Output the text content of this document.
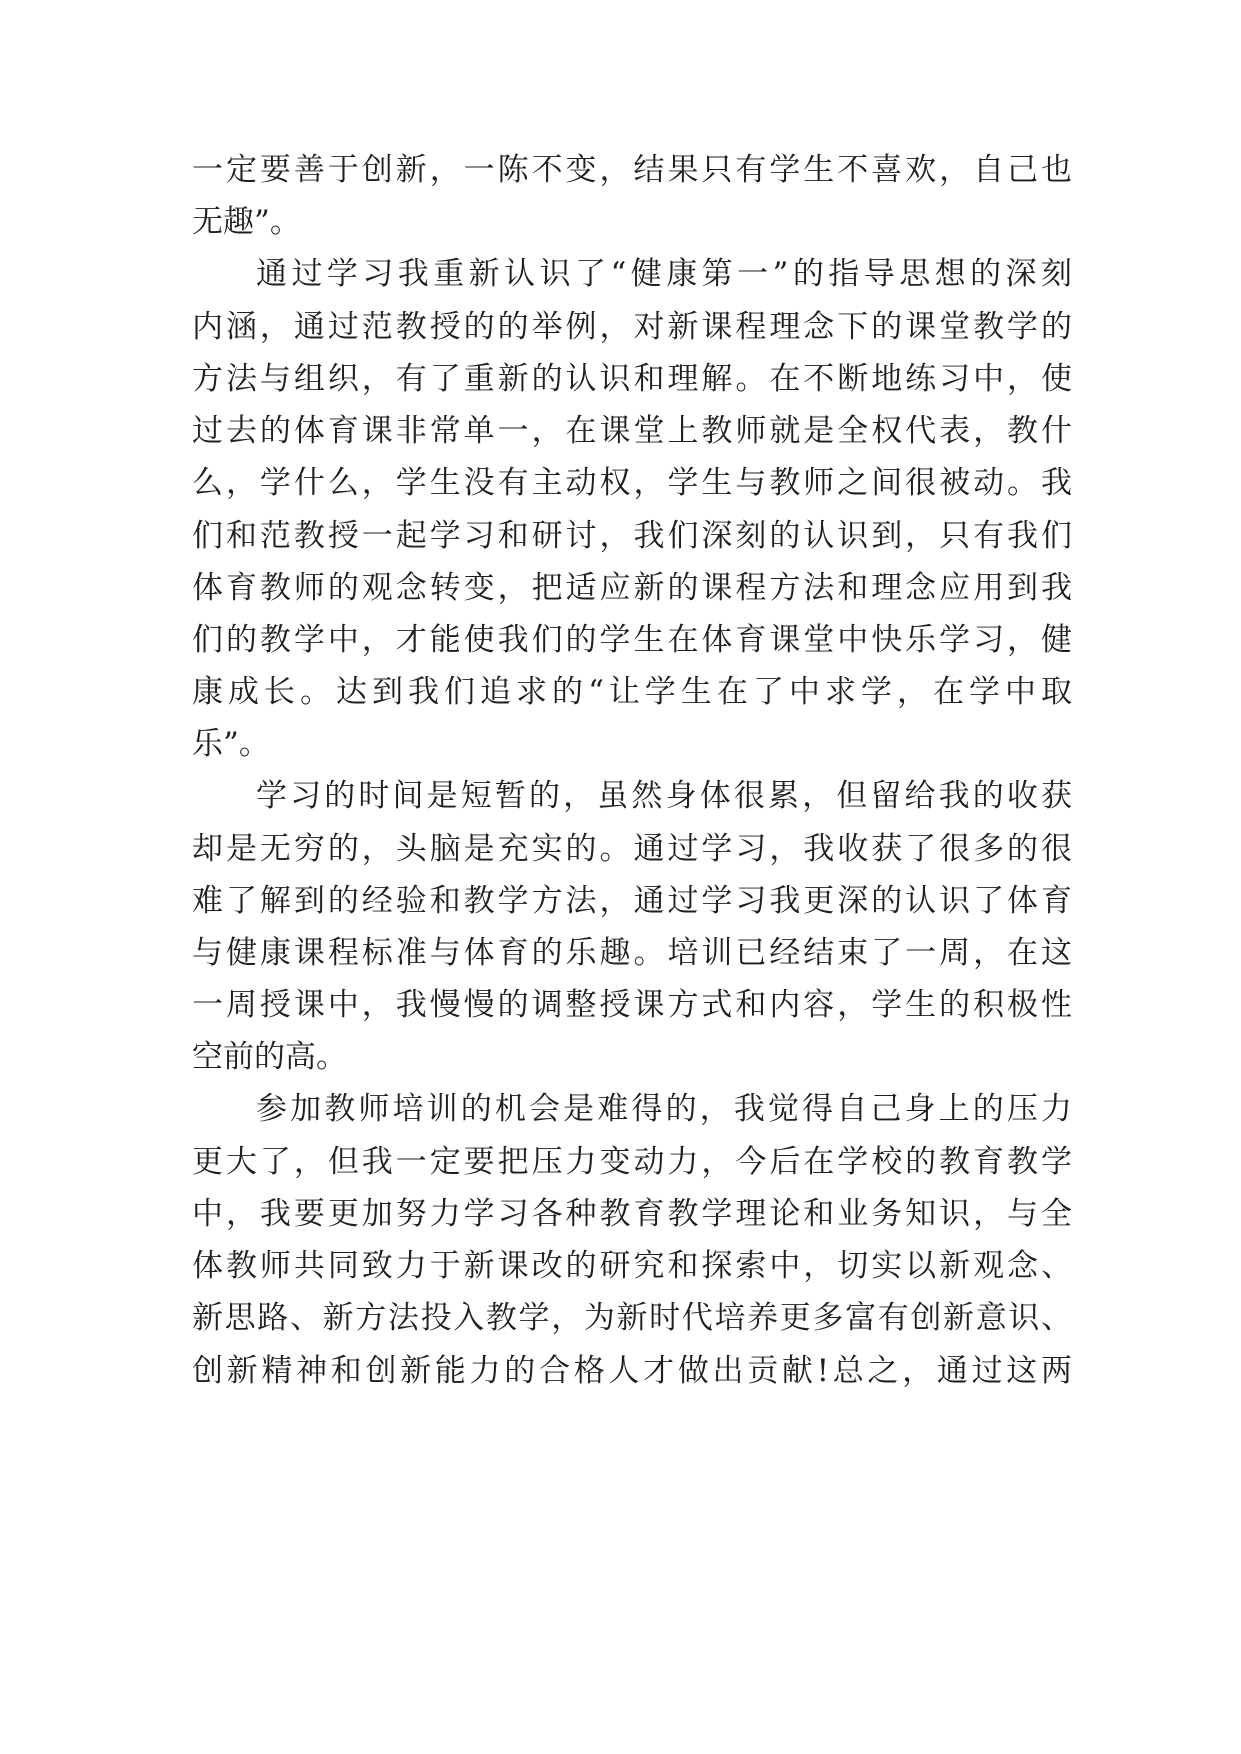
一定要善于创新，一陈不变，结果只有学生不喜欢，自己也
无趣”。
通过学习我重新认识了“健康第一”的指导思想的深刻
内涵，通过范教授的的举例，对新课程理念下的课堂教学的
方法与组织，有了重新的认识和理解。在不断地练习中，使
过去的体育课非常单一，在课堂上教师就是全权代表，教什
么，学什么，学生没有主动权，学生与教师之间很被动。我
们和范教授一起学习和研讨，我们深刻的认识到，只有我们
体育教师的观念转变，把适应新的课程方法和理念应用到我
们的教学中，才能使我们的学生在体育课堂中快乐学习，健
康成长。达到我们追求的“让学生在了中求学，在学中取
乐”。
学习的时间是短暂的，虽然身体很累，但留给我的收获
却是无穷的，头脑是充实的。通过学习，我收获了很多的很
难了解到的经验和教学方法，通过学习我更深的认识了体育
与健康课程标准与体育的乐趣。培训已经结束了一周，在这
一周授课中，我慢慢的调整授课方式和内容，学生的积极性
空前的高。
参加教师培训的机会是难得的，我觉得自己身上的压力
更大了，但我一定要把压力变动力，今后在学校的教育教学
中，我要更加努力学习各种教育教学理论和业务知识，与全
体教师共同致力于新课改的研究和探索中，切实以新观念、
新思路、新方法投入教学，为新时代培养更多富有创新意识、
创新精神和创新能力的合格人才做出贡献!总之，通过这两
